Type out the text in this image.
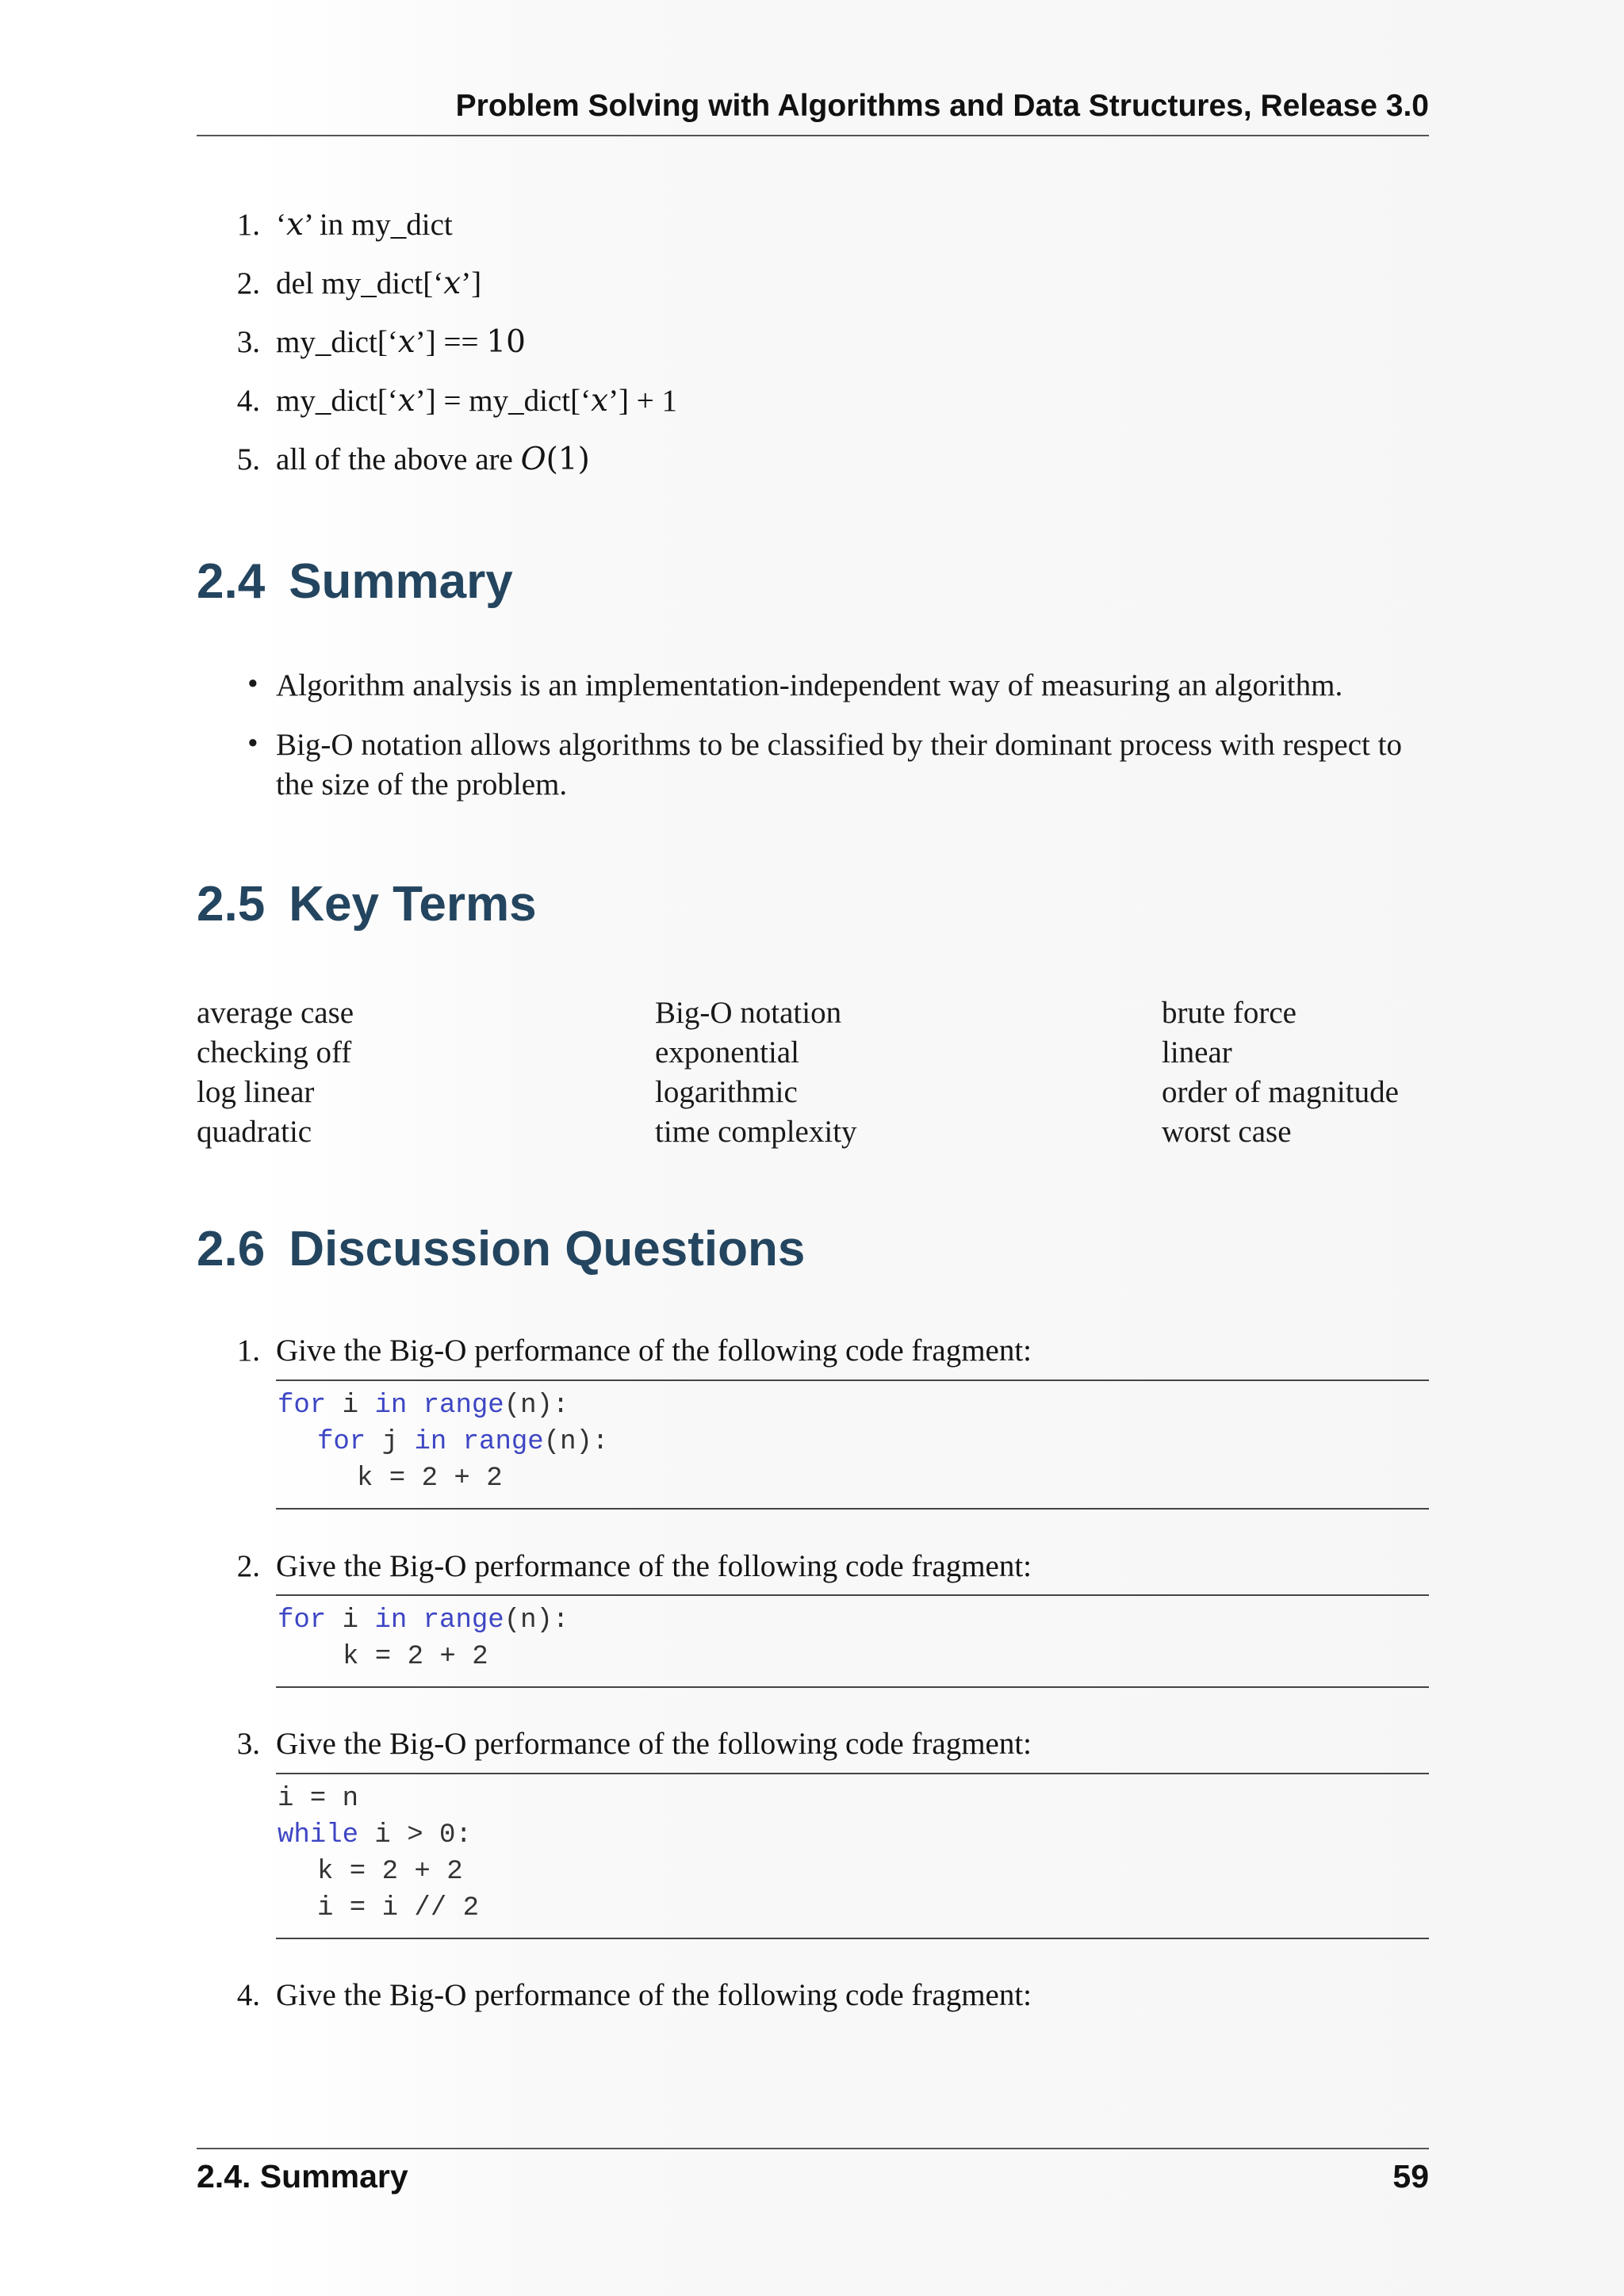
Problem Solving with Algorithms and Data Structures, Release 3.0
1. ‘x’ in my_dict
2. del my_dict[‘x’]
3. my_dict[‘x’] == 10
4. my_dict[‘x’] = my_dict[‘x’] + 1
5. all of the above are O(1)
2.4 Summary
• Algorithm analysis is an implementation-independent way of measuring an algorithm.
• Big-O notation allows algorithms to be classified by their dominant process with respect to the size of the problem.
2.5 Key Terms
average case	Big-O notation	brute force
checking off	exponential	linear
log linear	logarithmic	order of magnitude
quadratic	time complexity	worst case
2.6 Discussion Questions
1. Give the Big-O performance of the following code fragment:
for i in range(n):
for j in range(n):
k = 2 + 2
2. Give the Big-O performance of the following code fragment:
for i in range(n):
k = 2 + 2
3. Give the Big-O performance of the following code fragment:
i = n
while i > 0:
k = 2 + 2
i = i // 2
4. Give the Big-O performance of the following code fragment:
2.4. Summary	59
